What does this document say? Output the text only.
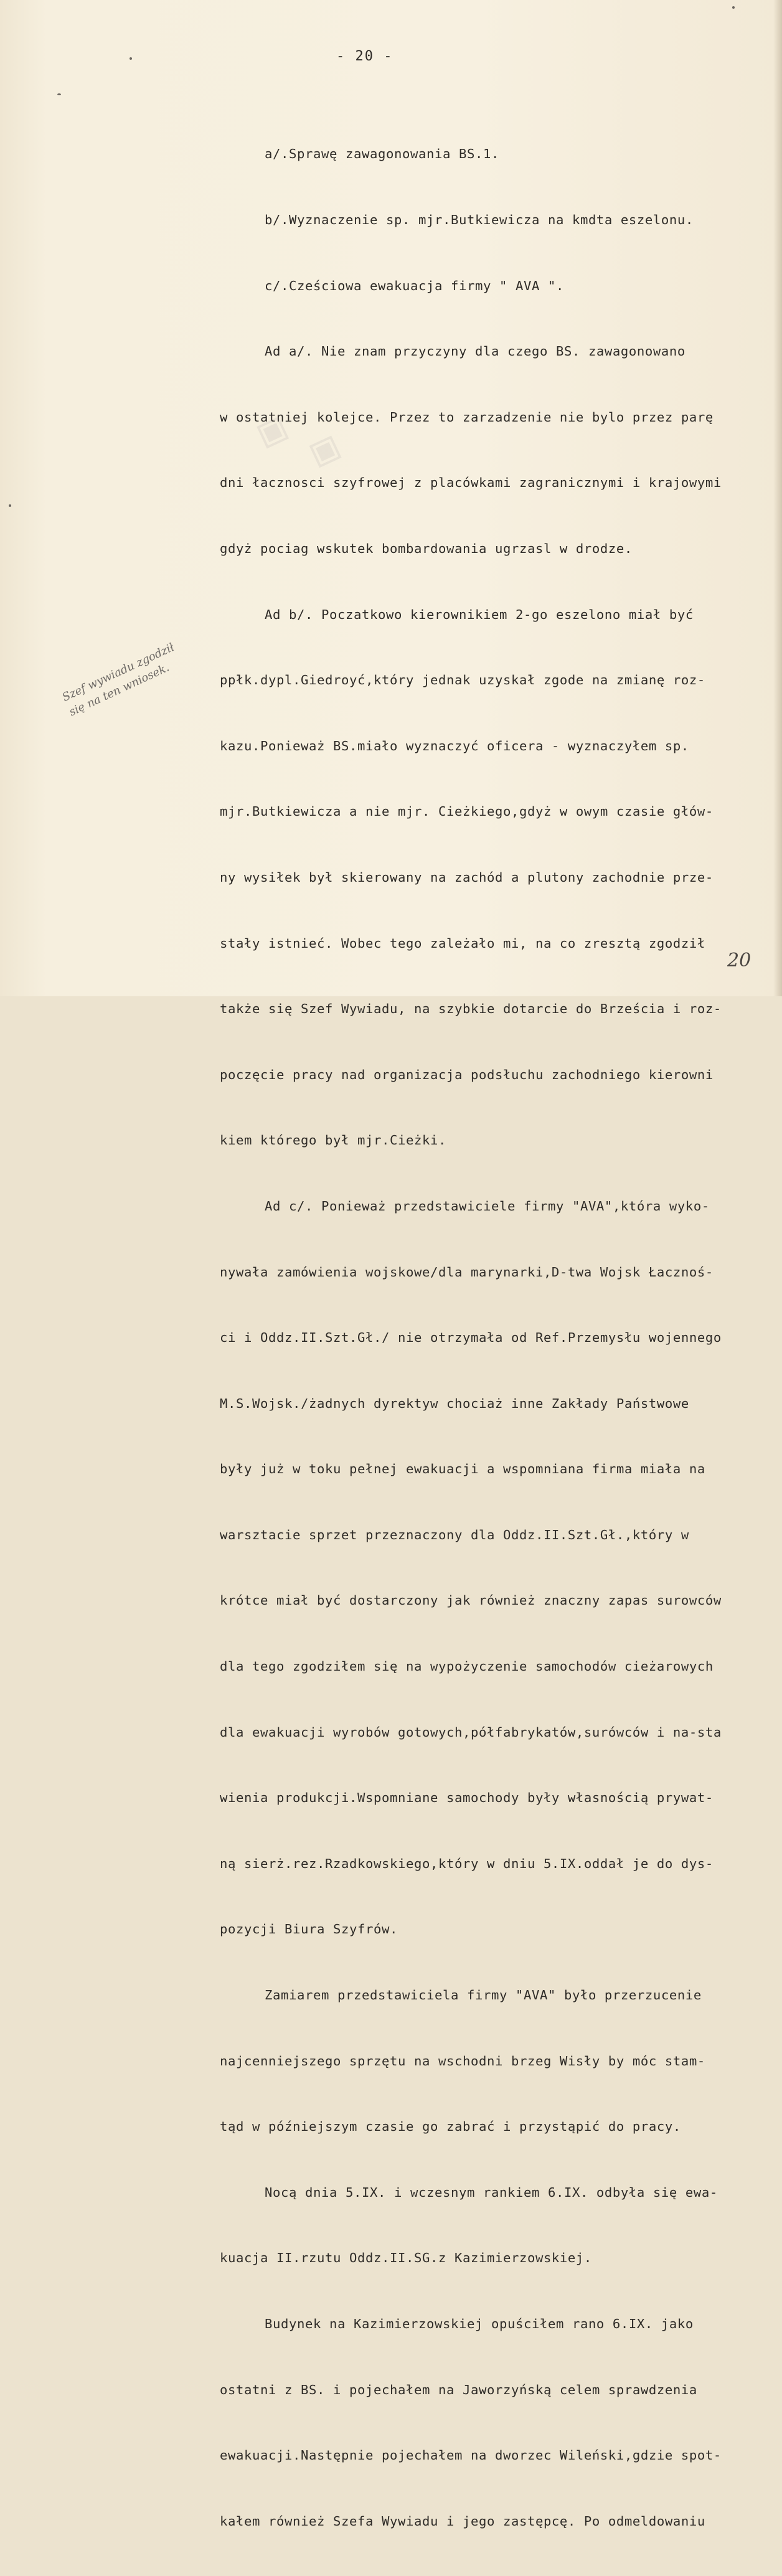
◈
◈
- 20 -

a/.Sprawę zawagonowania BS.1.

b/.Wyznaczenie sp. mjr.Butkiewicza na kmdta eszelonu.

c/.Cześciowa ewakuacja firmy " AVA ".

Ad a/. Nie znam przyczyny dla czego BS. zawagonowano

w ostatniej kolejce. Przez to zarzadzenie nie bylo przez parę

dni łacznosci szyfrowej z placówkami zagranicznymi i krajowymi

gdyż pociag wskutek bombardowania ugrzasl w drodze.

Ad b/. Poczatkowo kierownikiem 2-go eszelono miał być

ppłk.dypl.Giedroyć,który jednak uzyskał zgode na zmianę roz-

kazu.Ponieważ BS.miało wyznaczyć oficera - wyznaczyłem sp.

mjr.Butkiewicza a nie mjr. Cieżkiego,gdyż w owym czasie głów-

ny wysiłek był skierowany na zachód a plutony zachodnie prze-

stały istnieć. Wobec tego zależało mi, na co zresztą zgodził

także się Szef Wywiadu, na szybkie dotarcie do Brześcia i roz-

poczęcie pracy nad organizacja podsłuchu zachodniego kierowni

kiem którego był mjr.Cieżki.

Ad c/. Ponieważ przedstawiciele firmy "AVA",która wyko-

nywała zamówienia wojskowe/dla marynarki,D-twa Wojsk Łacznoś-

ci i Oddz.II.Szt.Gł./ nie otrzymała od Ref.Przemysłu wojennego

M.S.Wojsk./żadnych dyrektyw chociaż inne Zakłady Państwowe

były już w toku pełnej ewakuacji a wspomniana firma miała na

warsztacie sprzet przeznaczony dla Oddz.II.Szt.Gł.,który w

krótce miał być dostarczony jak również znaczny zapas surowców

dla tego zgodziłem się na wypożyczenie samochodów cieżarowych

dla ewakuacji wyrobów gotowych,półfabrykatów,surówców i na-sta

wienia produkcji.Wspomniane samochody były własnością prywat-

ną sierż.rez.Rzadkowskiego,który w dniu 5.IX.oddał je do dys-

pozycji Biura Szyfrów.

Zamiarem przedstawiciela firmy "AVA" było przerzucenie

najcenniejszego sprzętu na wschodni brzeg Wisły by móc stam-

tąd w późniejszym czasie go zabrać i przystąpić do pracy.

Nocą dnia 5.IX. i wczesnym rankiem 6.IX. odbyła się ewa-

kuacja II.rzutu Oddz.II.SG.z Kazimierzowskiej.

Budynek na Kazimierzowskiej opuściłem rano 6.IX. jako

ostatni z BS. i pojechałem na Jaworzyńską celem sprawdzenia

ewakuacji.Następnie pojechałem na dworzec Wileński,gdzie spot-

kałem również Szefa Wywiadu i jego zastępcę. Po odmeldowaniu

Szef wywiadu zgodził
się na ten wniosek.
20
